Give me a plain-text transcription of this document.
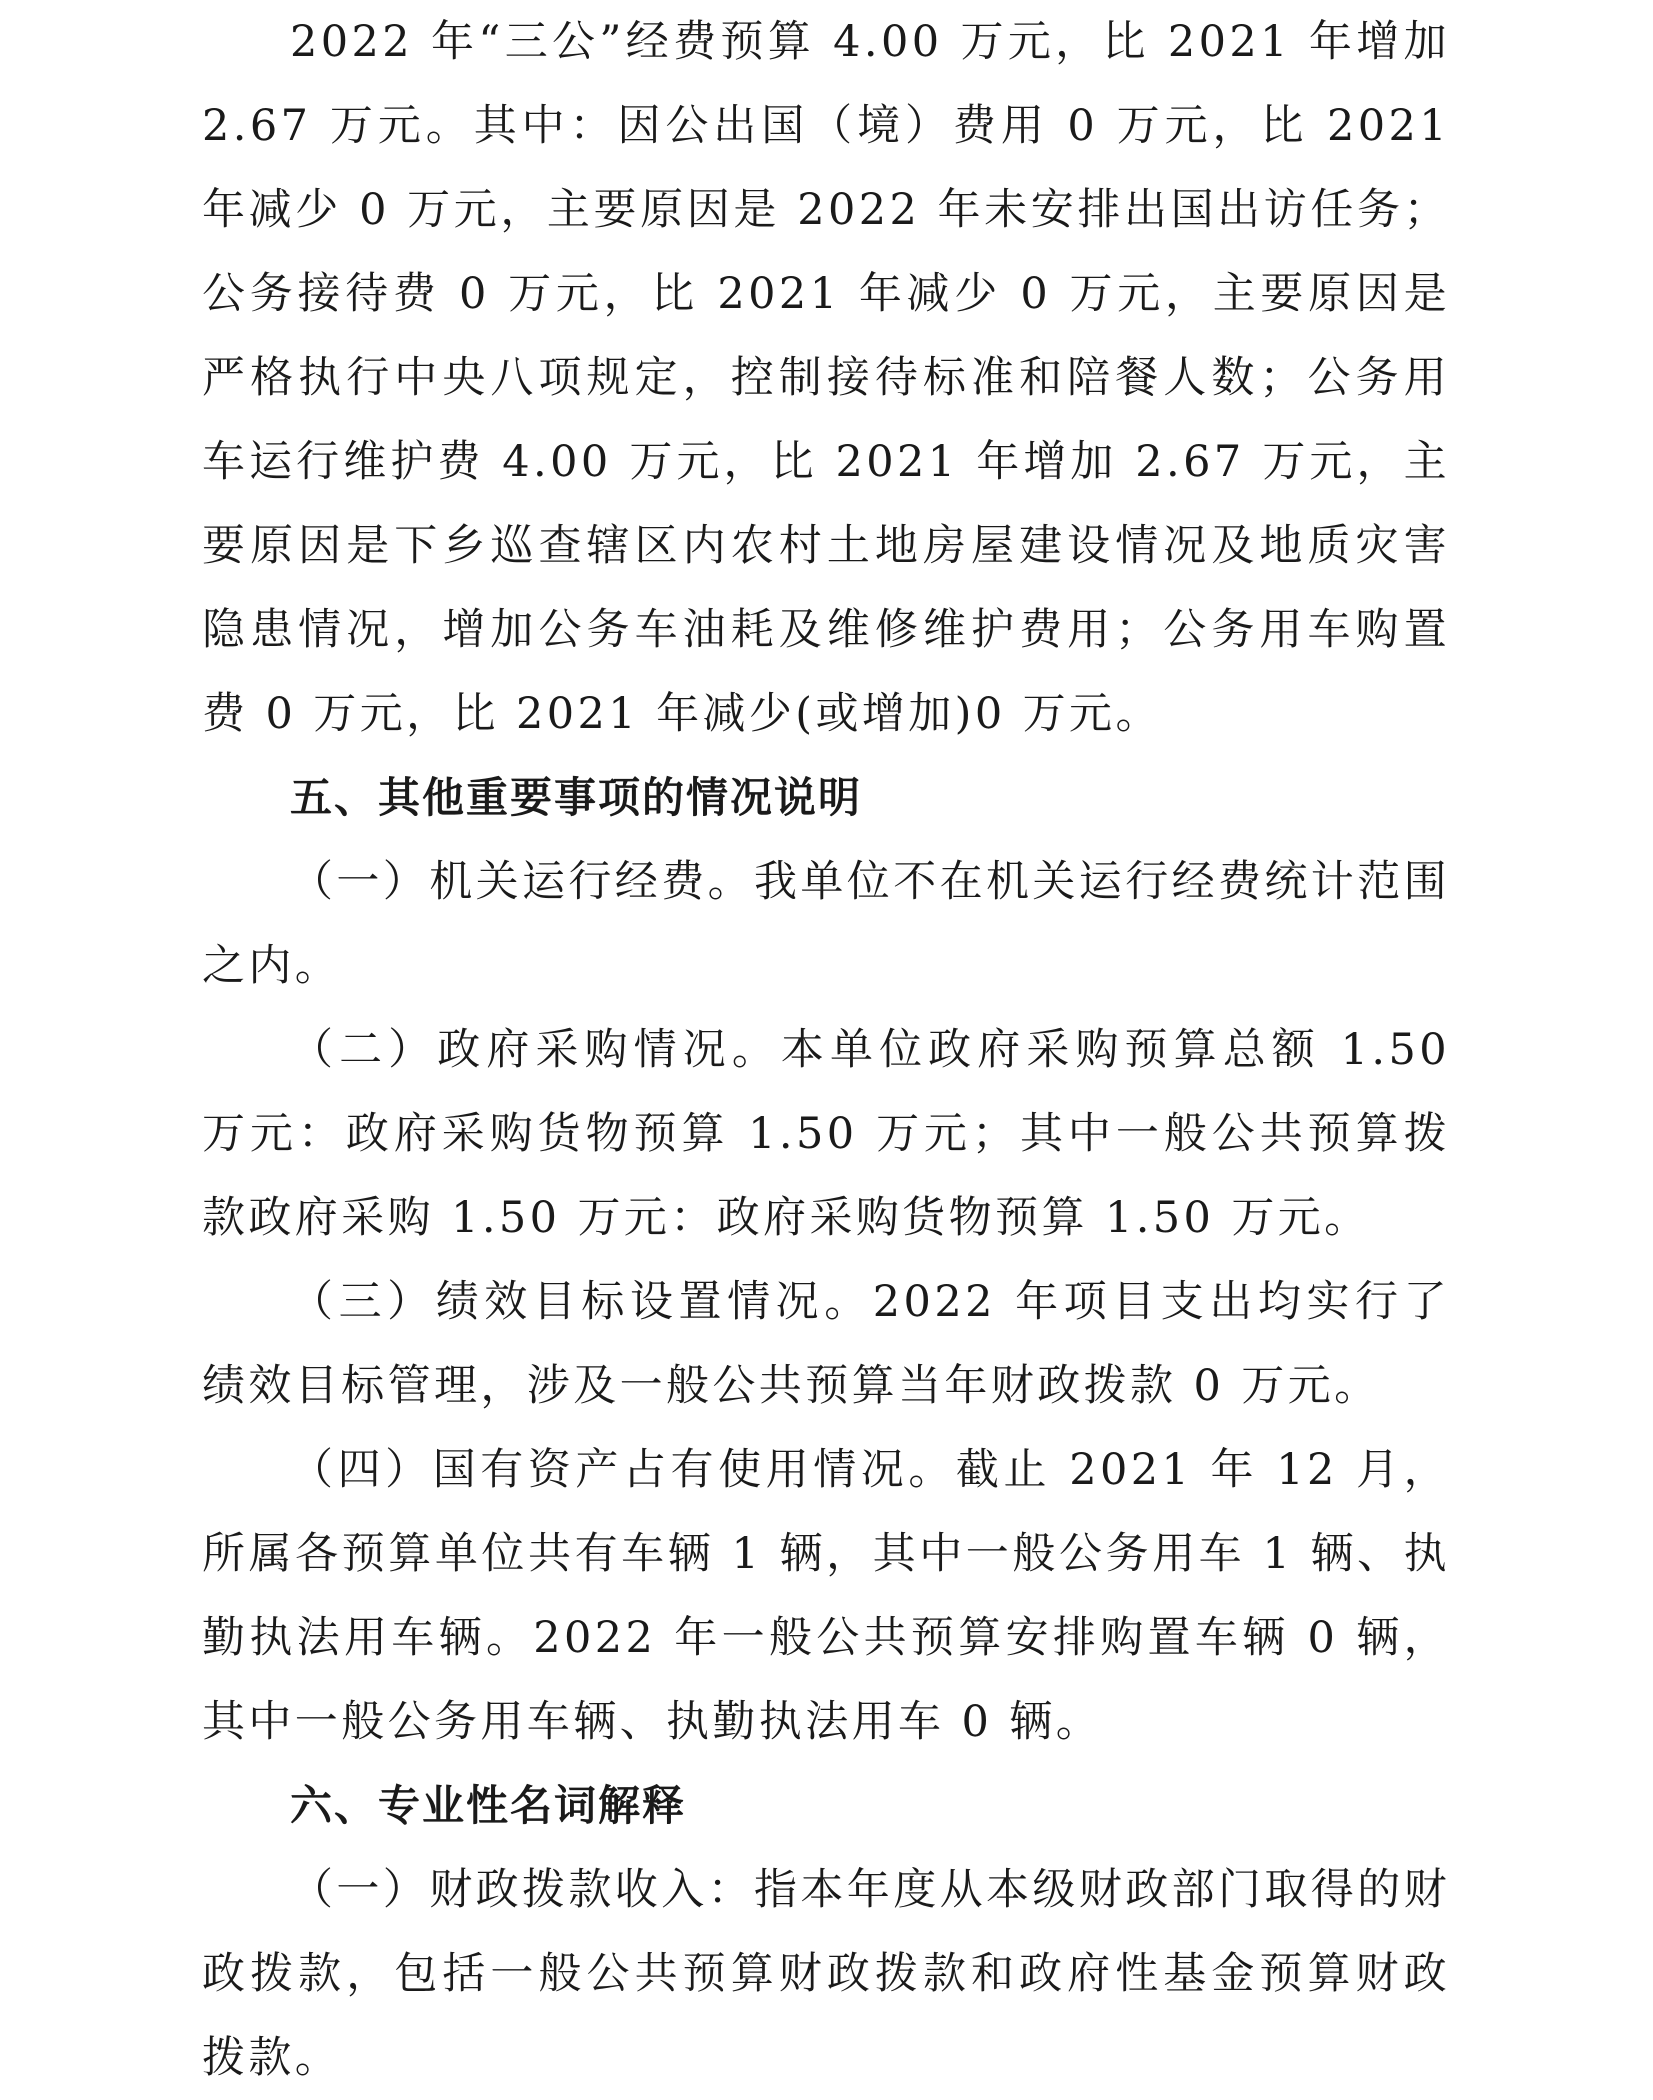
2022 年“三公”经费预算 4.00 万元，比 2021 年增加 2.67 万元。其中：因公出国（境）费用 0 万元，比 2021 年减少 0 万元，主要原因是 2022 年未安排出国出访任务；公务接待费 0 万元，比 2021 年减少 0 万元，主要原因是严格执行中央八项规定，控制接待标准和陪餐人数；公务用车运行维护费 4.00 万元，比 2021 年增加 2.67 万元，主要原因是下乡巡查辖区内农村土地房屋建设情况及地质灾害隐患情况，增加公务车油耗及维修维护费用；公务用车购置费 0 万元，比 2021 年减少(或增加)0 万元。

五、其他重要事项的情况说明

（一）机关运行经费。我单位不在机关运行经费统计范围之内。

（二）政府采购情况。本单位政府采购预算总额 1.50 万元：政府采购货物预算 1.50 万元；其中一般公共预算拨款政府采购 1.50 万元：政府采购货物预算 1.50 万元。

（三）绩效目标设置情况。2022 年项目支出均实行了绩效目标管理，涉及一般公共预算当年财政拨款 0 万元。

（四）国有资产占有使用情况。截止 2021 年 12 月，所属各预算单位共有车辆 1 辆，其中一般公务用车 1 辆、执勤执法用车辆。2022 年一般公共预算安排购置车辆 0 辆，其中一般公务用车辆、执勤执法用车 0 辆。

六、专业性名词解释

（一）财政拨款收入：指本年度从本级财政部门取得的财政拨款，包括一般公共预算财政拨款和政府性基金预算财政拨款。
